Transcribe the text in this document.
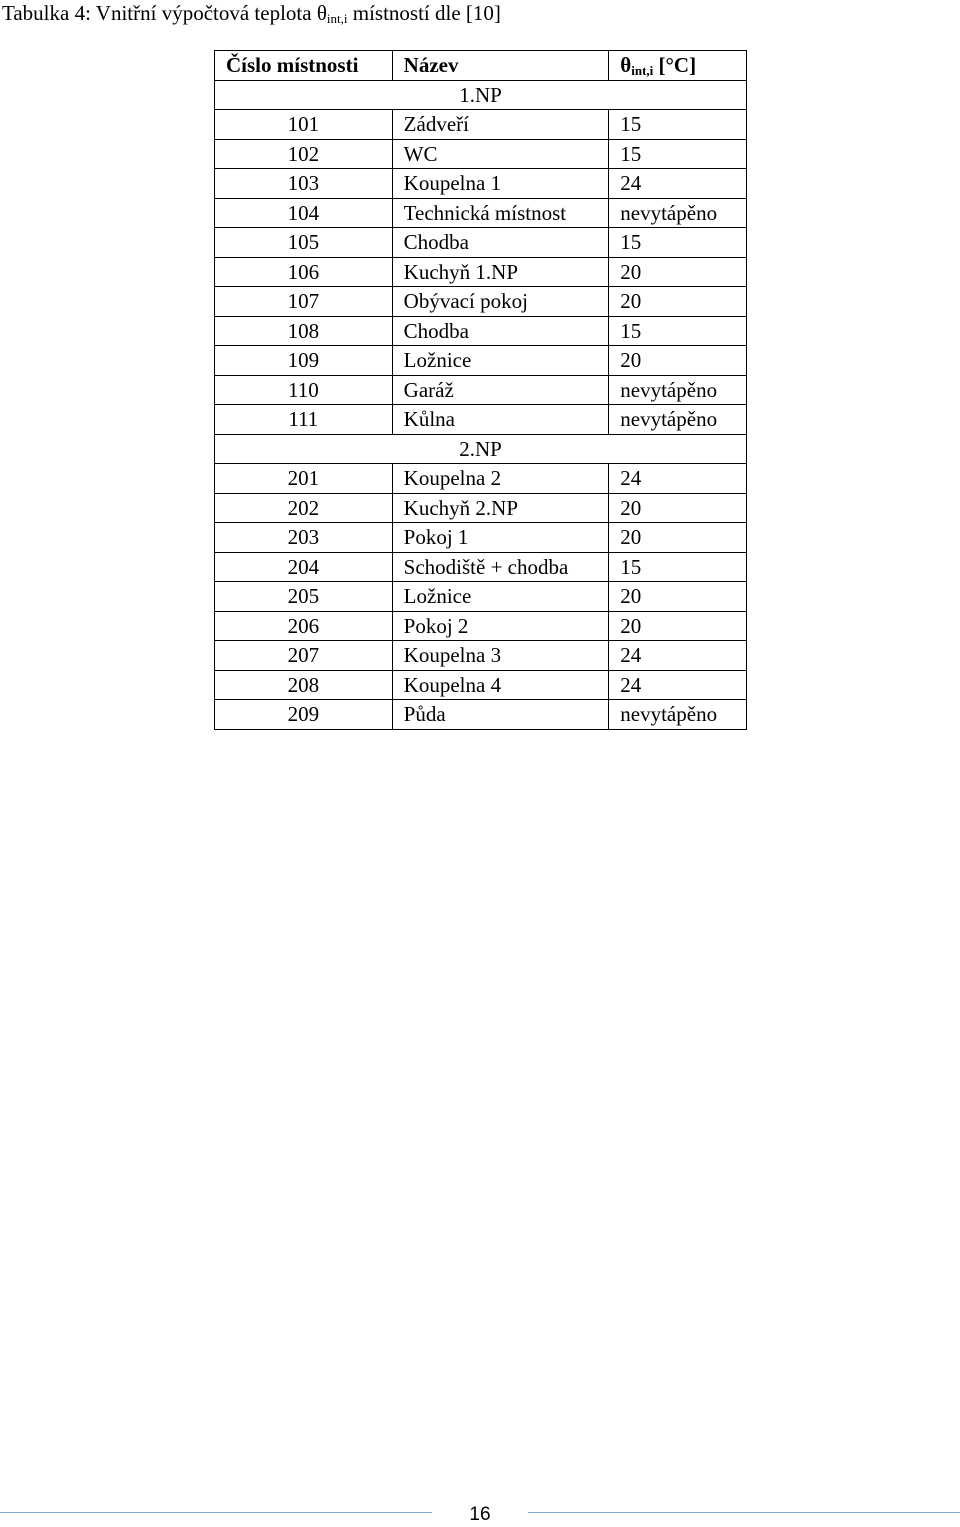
Tabulka 4: Vnitřní výpočtová teplota $\theta_{int,i}$ místností dle [10]
Číslo místnosti	Název	$\theta_{int,i}$ [°C]
1.NP		
101	Zádveří	15
102	WC	15
103	Koupelna 1	24
104	Technická místnost	nevytápěno
105	Chodba	15
106	Kuchyň 1.NP	20
107	Obývací pokoj	20
108	Chodba	15
109	Ložnice	20
110	Garáž	nevytápěno
111	Kůlna	nevytápěno
2.NP		
201	Koupelna 2	24
202	Kuchyň 2.NP	20
203	Pokoj 1	20
204	Schodiště + chodba	15
205	Ložnice	20
206	Pokoj 2	20
207	Koupelna 3	24
208	Koupelna 4	24
209	Půda	nevytápěno
16
